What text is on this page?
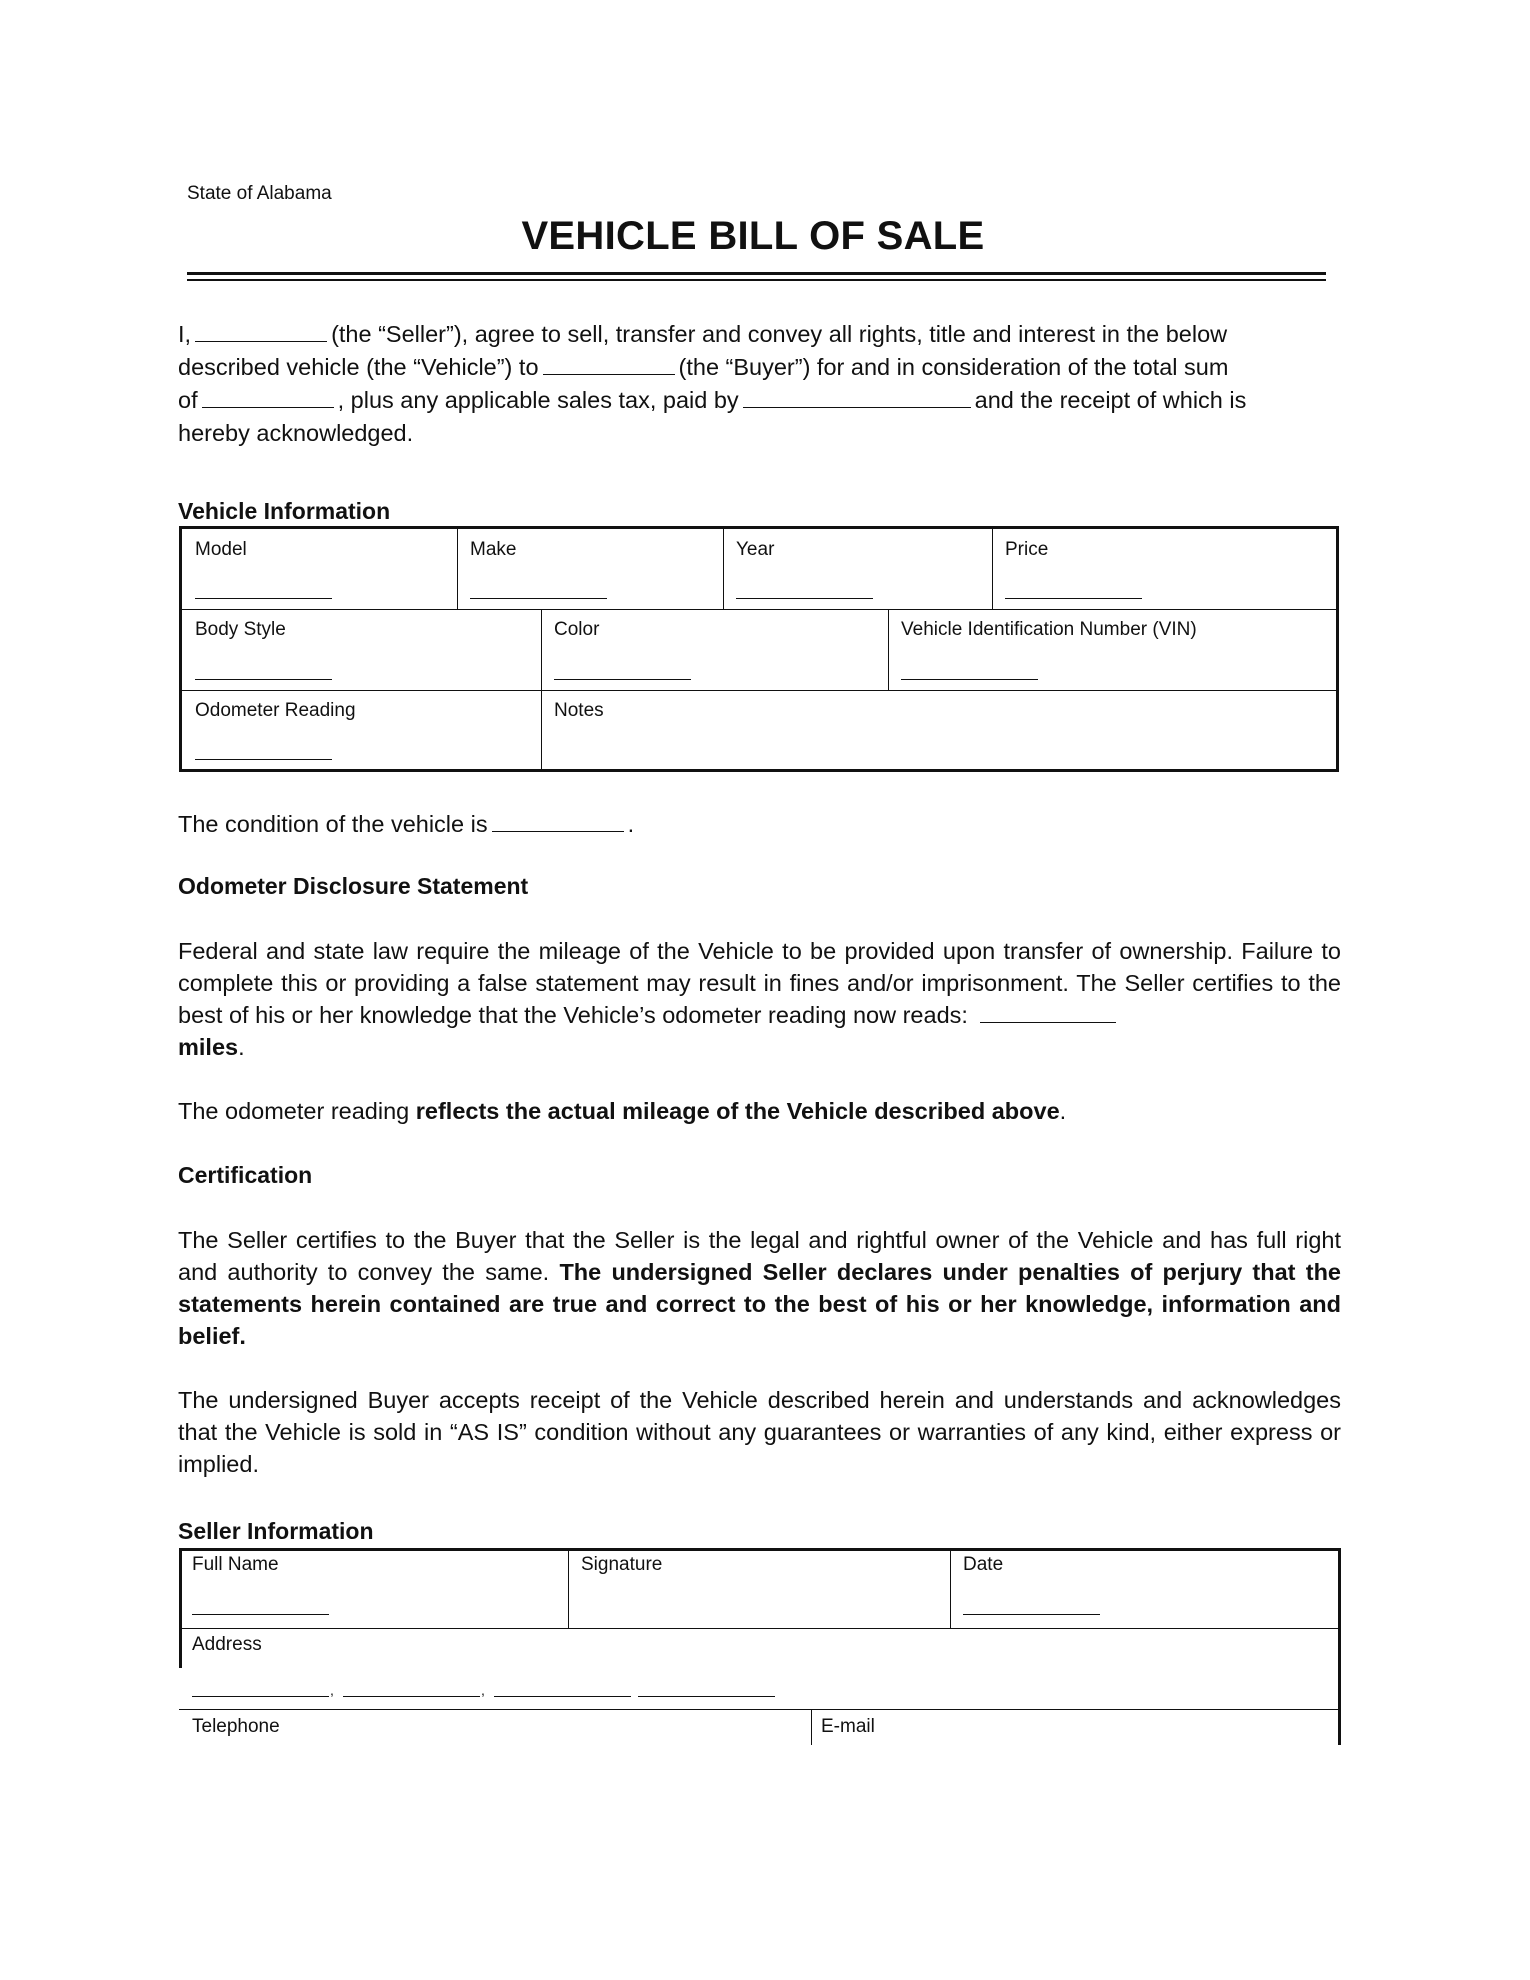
State of Alabama
VEHICLE BILL OF SALE
I,	(the “Seller”), agree to sell, transfer and convey all rights, title and interest in the below
described vehicle (the “Vehicle”) to	(the “Buyer”) for and in consideration of the total sum
of	, plus any applicable sales tax, paid by	and the receipt of which is
hereby acknowledged.
Vehicle Information
Model	Make	Year	Price
Body Style	Color	Vehicle Identification Number (VIN)
Odometer Reading	Notes
The condition of the vehicle is	.
Odometer Disclosure Statement
Federal and state law require the mileage of the Vehicle to be provided upon transfer of ownership. Failure to complete this or providing a false statement may result in fines and/or imprisonment. The Seller certifies to the best of his or her knowledge that the Vehicle’s odometer reading now reads:
miles.
The odometer reading reflects the actual mileage of the Vehicle described above.
Certification
The Seller certifies to the Buyer that the Seller is the legal and rightful owner of the Vehicle and has full right and authority to convey the same. The undersigned Seller declares under penalties of perjury that the statements herein contained are true and correct to the best of his or her knowledge, information and belief.
The undersigned Buyer accepts receipt of the Vehicle described herein and understands and acknowledges that the Vehicle is sold in “AS IS” condition without any guarantees or warranties of any kind, either express or implied.
Seller Information
Full Name	Signature	Date
Address
,	,
Telephone	E-mail
